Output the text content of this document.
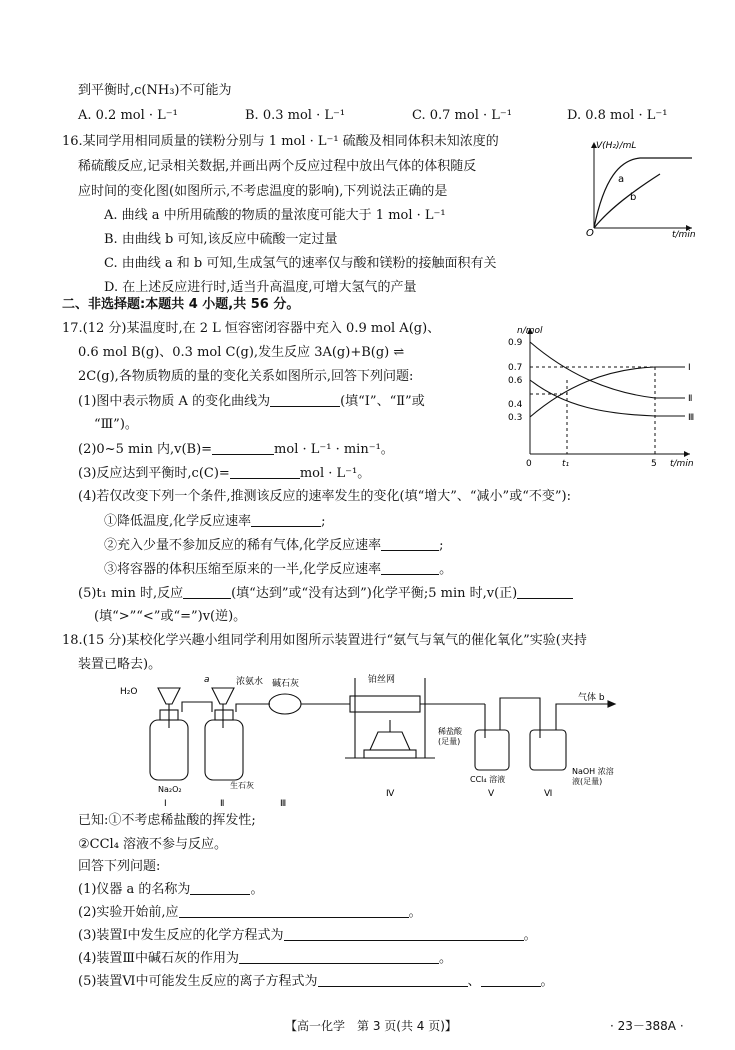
到平衡时,c(NH₃)不可能为
A. 0.2 mol · L⁻¹	B. 0.3 mol · L⁻¹	C. 0.7 mol · L⁻¹	D. 0.8 mol · L⁻¹
16.某同学用相同质量的镁粉分别与 1 mol · L⁻¹ 硫酸及相同体积未知浓度的
稀硫酸反应,记录相关数据,并画出两个反应过程中放出气体的体积随反
应时间的变化图(如图所示,不考虑温度的影响),下列说法正确的是
A. 曲线 a 中所用硫酸的物质的量浓度可能大于 1 mol · L⁻¹
B. 由曲线 b 可知,该反应中硫酸一定过量
C. 由曲线 a 和 b 可知,生成氢气的速率仅与酸和镁粉的接触面积有关
D. 在上述反应进行时,适当升高温度,可增大氢气的产量
a
b
O	t/min
V(H₂)/mL
二、非选择题:本题共 4 小题,共 56 分。
17.(12 分)某温度时,在 2 L 恒容密闭容器中充入 0.9 mol A(g)、
0.6 mol B(g)、0.3 mol C(g),发生反应 3A(g)+B(g) ⇌
2C(g),各物质物质的量的变化关系如图所示,回答下列问题:
(1)图中表示物质 A 的变化曲线为	(填“Ⅰ”、“Ⅱ”或
“Ⅲ”)。
(2)0~5 min 内,v(B)=	mol · L⁻¹ · min⁻¹。
(3)反应达到平衡时,c(C)=	mol · L⁻¹。
(4)若仅改变下列一个条件,推测该反应的速率发生的变化(填“增大”、“减小”或“不变”):
①降低温度,化学反应速率	;
②充入少量不参加反应的稀有气体,化学反应速率	;
③将容器的体积压缩至原来的一半,化学反应速率	。
(5)t₁ min 时,反应	(填“达到”或“没有达到”)化学平衡;5 min 时,v(正)
(填“>”“<”或“=”)v(逆)。
n/mol
0.9
0.7
0.6
0.4
0.3
0	t₁	5 t/min
Ⅰ
Ⅱ
Ⅲ
18.(15 分)某校化学兴趣小组同学利用如图所示装置进行“氨气与氧气的催化氧化”实验(夹持
装置已略去)。
H₂O
a	浓氨水 碱石灰	铂丝网
气体 b
稀盐酸
(足量)
CCl₄ 溶液
NaOH 浓溶
液(足量)
Na₂O₂	生石灰
Ⅰ	Ⅱ	Ⅲ
Ⅳ	Ⅴ	Ⅵ
已知:①不考虑稀盐酸的挥发性;
②CCl₄ 溶液不参与反应。
回答下列问题:
(1)仪器 a 的名称为	。
(2)实验开始前,应	。
(3)装置Ⅰ中发生反应的化学方程式为	。
(4)装置Ⅲ中碱石灰的作用为	。
(5)装置Ⅵ中可能发生反应的离子方程式为	、	。
【高一化学　第 3 页(共 4 页)】	· 23－388A ·
